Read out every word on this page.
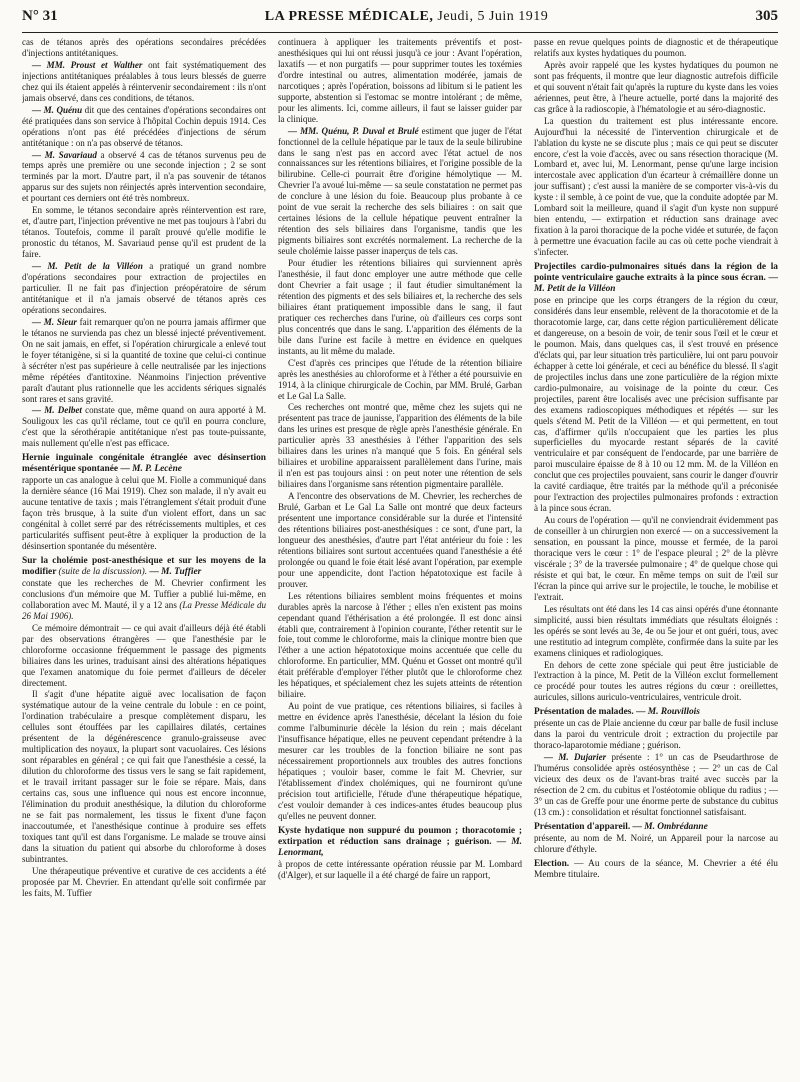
N° 31	LA PRESSE MÉDICALE, Jeudi, 5 Juin 1919	305

cas de tétanos après des opérations secondaires précédées d'injections antitétaniques.

— MM. Proust et Walther ont fait systématiquement des injections antitétaniques préalables à tous leurs blessés de guerre chez qui ils étaient appelés à réintervenir secondairement : ils n'ont jamais observé, dans ces conditions, de tétanos.

— M. Quénu dit que des centaines d'opérations secondaires ont été pratiquées dans son service à l'hôpital Cochin depuis 1914. Ces opérations n'ont pas été précédées d'injections de sérum antitétanique : on n'a pas observé de tétanos.

— M. Savariaud a observé 4 cas de tétanos survenus peu de temps après une première ou une seconde injection ; 2 se sont terminés par la mort. D'autre part, il n'a pas souvenir de tétanos apparus sur des sujets non réinjectés après intervention secondaire, et pourtant ces derniers ont été très nombreux.

En somme, le tétanos secondaire après réintervention est rare, et, d'autre part, l'injection préventive ne met pas toujours à l'abri du tétanos. Toutefois, comme il paraît prouvé qu'elle modifie le pronostic du tétanos, M. Savariaud pense qu'il est prudent de la faire.

— M. Petit de la Villéon a pratiqué un grand nombre d'opérations secondaires pour extraction de projectiles en particulier. Il ne fait pas d'injection préopératoire de sérum antitétanique et il n'a jamais observé de tétanos après ces opérations secondaires.

— M. Sieur fait remarquer qu'on ne pourra jamais affirmer que le tétanos ne survienda pas chez un blessé injecté préventivement. On ne sait jamais, en effet, si l'opération chirurgicale a enlevé tout le foyer tétanigène, si si la quantité de toxine que celui-ci continue à sécréter n'est pas supérieure à celle neutralisée par les injections même répétées d'antitoxine. Néanmoins l'injection préventive paraît d'autant plus rationnelle que les accidents sériques signalés sont rares et sans gravité.

— M. Delbet constate que, même quand on aura apporté à M. Souligoux les cas qu'il réclame, tout ce qu'il en pourra conclure, c'est que la sérothérapie antitétanique n'est pas toute-puissante, mais nullement qu'elle n'est pas efficace.

Hernie inguinale congénitale étranglée avec désinsertion mésentérique spontanée — M. P. Lecène

rapporte un cas analogue à celui que M. Fiolle a communiqué dans la dernière séance (16 Mai 1919). Chez son malade, il n'y avait eu aucune tentative de taxis ; mais l'étranglement s'était produit d'une façon très brusque, à la suite d'un violent effort, dans un sac congénital à collet serré par des rétrécissements multiples, et ces particularités suffisent peut-être à expliquer la production de la désinsertion spontanée du mésentère.

Sur la cholémie post-anesthésique et sur les moyens de la modifier (suite de la discussion). — M. Tuffier

constate que les recherches de M. Chevrier confirment les conclusions d'un mémoire que M. Tuffier a publié lui-même, en collaboration avec M. Mauté, il y a 12 ans (La Presse Médicale du 26 Mai 1906).

Ce mémoire démontrait — ce qui avait d'ailleurs déjà été établi par des observations étrangères — que l'anesthésie par le chloroforme occasionne fréquemment le passage des pigments biliaires dans les urines, traduisant ainsi des altérations hépatiques que l'examen anatomique du foie permet d'ailleurs de déceler directement.

Il s'agit d'une hépatite aiguë avec localisation de façon systématique autour de la veine centrale du lobule : en ce point, l'ordination trabéculaire a presque complètement disparu, les cellules sont étouffées par les capillaires dilatés, certaines présentent de la dégénérescence granulo-graisseuse avec multiplication des noyaux, la plupart sont vacuolaires. Ces lésions sont réparables en général ; ce qui fait que l'anesthésie a cessé, la dilution du chloroforme des tissus vers le sang se fait rapidement, et le travail irritant passager sur le foie se répare. Mais, dans certains cas, sous une influence qui nous est encore inconnue, l'élimination du produit anesthésique, la dilution du chloroforme ne se fait pas normalement, les tissus le fixent d'une façon inaccoutumée, et l'anesthésique continue à produire ses effets toxiques tant qu'il est dans l'organisme. Le malade se trouve ainsi dans la situation du patient qui absorbe du chloroforme à doses subintrantes.

Une thérapeutique préventive et curative de ces accidents a été proposée par M. Chevrier. En attendant qu'elle soit confirmée par les faits, M. Tuffier

continuera à appliquer les traitements préventifs et post-anesthésiques qui lui ont réussi jusqu'à ce jour : Avant l'opération, laxatifs — et non purgatifs — pour supprimer toutes les toxémies d'ordre intestinal ou autres, alimentation modérée, jamais de narcotiques ; après l'opération, boissons ad libitum si le patient les supporte, abstention si l'estomac se montre intolérant ; de même, pour les aliments. Ici, comme ailleurs, il faut se laisser guider par la clinique.

— MM. Quénu, P. Duval et Brulé estiment que juger de l'état fonctionnel de la cellule hépatique par le taux de la seule bilirubine dans le sang n'est pas en accord avec l'état actuel de nos connaissances sur les rétentions biliaires, et l'origine possible de la bilirubine. Celle-ci pourrait être d'origine hémolytique — M. Chevrier l'a avoué lui-même — sa seule constatation ne permet pas de conclure à une lésion du foie. Beaucoup plus probante à ce point de vue serait la recherche des sels biliaires : on sait que certaines lésions de la cellule hépatique peuvent entraîner la rétention des sels biliaires dans l'organisme, tandis que les pigments biliaires sont excrétés normalement. La recherche de la seule cholémie laisse passer inaperçus de tels cas.

Pour étudier les rétentions biliaires qui surviennent après l'anesthésie, il faut donc employer une autre méthode que celle dont Chevrier a fait usage ; il faut étudier simultanément la rétention des pigments et des sels biliaires et, la recherche des sels biliaires étant pratiquement impossible dans le sang, il faut pratiquer ces recherches dans l'urine, où d'ailleurs ces corps sont plus concentrés que dans le sang. L'apparition des éléments de la bile dans l'urine est facile à mettre en évidence en quelques instants, au lit même du malade.

C'est d'après ces principes que l'étude de la rétention biliaire après les anesthésies au chloroforme et à l'éther a été poursuivie en 1914, à la clinique chirurgicale de Cochin, par MM. Brulé, Garban et Le Gal La Salle.

Ces recherches ont montré que, même chez les sujets qui ne présentent pas trace de jaunisse, l'apparition des éléments de la bile dans les urines est presque de règle après l'anesthésie générale. En particulier après 33 anesthésies à l'éther l'apparition des sels biliaires dans les urines n'a manqué que 5 fois. En général sels biliaires et urobiline apparaissent parallèlement dans l'urine, mais il n'en est pas toujours ainsi : on peut noter une rétention de sels biliaires dans l'organisme sans rétention pigmentaire parallèle.

A l'encontre des observations de M. Chevrier, les recherches de Brulé, Garban et Le Gal La Salle ont montré que deux facteurs présentent une importance considérable sur la durée et l'intensité des rétentions biliaires post-anesthésiques : ce sont, d'une part, la longueur des anesthésies, d'autre part l'état antérieur du foie : les rétentions biliaires sont surtout accentuées quand l'anesthésie a été prolongée ou quand le foie était lésé avant l'opération, par exemple pour une appendicite, dont l'action hépatotoxique est facile à prouver.

Les rétentions biliaires semblent moins fréquentes et moins durables après la narcose à l'éther ; elles n'en existent pas moins cependant quand l'éthérisation a été prolongée. Il est donc ainsi établi que, contrairement à l'opinion courante, l'éther retentit sur le foie, tout comme le chloroforme, mais la clinique montre bien que l'éther a une action hépatotoxique moins accentuée que celle du chloroforme. En particulier, MM. Quénu et Gosset ont montré qu'il était préférable d'employer l'éther plutôt que le chloroforme chez les hépatiques, et spécialement chez les sujets atteints de rétention biliaire.

Au point de vue pratique, ces rétentions biliaires, si faciles à mettre en évidence après l'anesthésie, décelant la lésion du foie comme l'albuminurie décèle la lésion du rein ; mais décelant l'insuffisance hépatique, elles ne peuvent cependant prétendre à la mesurer car les troubles de la fonction biliaire ne sont pas nécessairement proportionnels aux troubles des autres fonctions hépatiques ; vouloir baser, comme le fait M. Chevrier, sur l'établissement d'index cholémiques, qui ne fourniront qu'une précision tout artificielle, l'étude d'une thérapeutique hépatique, c'est vouloir demander à ces indices-antes études beaucoup plus qu'elles ne peuvent donner.

Kyste hydatique non suppuré du poumon ; thoracotomie ; extirpation et réduction sans drainage ; guérison. — M. Lenormant,

à propos de cette intéressante opération réussie par M. Lombard (d'Alger), et sur laquelle il a été chargé de faire un rapport,

passe en revue quelques points de diagnostic et de thérapeutique relatifs aux kystes hydatiques du poumon.

Après avoir rappelé que les kystes hydatiques du poumon ne sont pas fréquents, il montre que leur diagnostic autrefois difficile et qui souvent n'était fait qu'après la rupture du kyste dans les voies aériennes, peut être, à l'heure actuelle, porté dans la majorité des cas grâce à la radioscopie, à l'hématologie et au séro-diagnostic.

La question du traitement est plus intéressante encore. Aujourd'hui la nécessité de l'intervention chirurgicale et de l'ablation du kyste ne se discute plus ; mais ce qui peut se discuter encore, c'est la voie d'accès, avec ou sans résection thoracique (M. Lombard et, avec lui, M. Lenormant, pense qu'une large incision intercostale avec application d'un écarteur à crémaillère donne un jour suffisant) ; c'est aussi la manière de se comporter vis-à-vis du kyste : il semble, à ce point de vue, que la conduite adoptée par M. Lombard soit la meilleure, quand il s'agit d'un kyste non suppuré bien entendu, — extirpation et réduction sans drainage avec fixation à la paroi thoracique de la poche vidée et suturée, de façon à permettre une évacuation facile au cas où cette poche viendrait à s'infecter.

Projectiles cardio-pulmonaires situés dans la région de la pointe ventriculaire gauche extraits à la pince sous écran. — M. Petit de la Villéon

pose en principe que les corps étrangers de la région du cœur, considérés dans leur ensemble, relèvent de la thoracotomie et de la thoracotomie large, car, dans cette région particulièrement délicate et dangereuse, on a besoin de voir, de tenir sous l'œil et le cœur et le poumon. Mais, dans quelques cas, il s'est trouvé en présence d'éclats qui, par leur situation très particulière, lui ont paru pouvoir échapper à cette loi générale, et ceci au bénéfice du blessé. Il s'agit de projectiles inclus dans une zone particulière de la région mixte cardio-pulmonaire, au voisinage de la pointe du cœur. Ces projectiles, parent être localisés avec une précision suffisante par des examens radioscopiques méthodiques et répétés — sur les quels s'étend M. Petit de la Villéon — et qui permettent, en tout cas, d'affirmer qu'ils n'occupaient que les parties les plus superficielles du myocarde restant séparés de la cavité ventriculaire et par conséquent de l'endocarde, par une barrière de paroi musculaire épaisse de 8 à 10 ou 12 mm. M. de la Villéon en conclut que ces projectiles pouvaient, sans courir le danger d'ouvrir la cavité cardiaque, être traités par la méthode qu'il a préconisée pour l'extraction des projectiles pulmonaires profonds : extraction à la pince sous écran.

Au cours de l'opération — qu'il ne conviendrait évidemment pas de conseiller à un chirurgien non exercé — on a successivement la sensation, en poussant la pince, mousse et fermée, de la paroi thoracique vers le cœur : 1° de l'espace pleural ; 2° de la plèvre viscérale ; 3° de la traversée pulmonaire ; 4° de quelque chose qui résiste et qui bat, le cœur. En même temps on suit de l'œil sur l'écran la pince qui arrive sur le projectile, le touche, le mobilise et l'extrait.

Les résultats ont été dans les 14 cas ainsi opérés d'une étonnante simplicité, aussi bien résultats immédiats que résultats éloignés : les opérés se sont levés au 3e, 4e ou 5e jour et ont guéri, tous, avec une restitutio ad integrum complète, confirmée dans la suite par les examens cliniques et radiologiques.

En dehors de cette zone spéciale qui peut être justiciable de l'extraction à la pince, M. Petit de la Villéon exclut formellement ce procédé pour toutes les autres régions du cœur : oreillettes, auricules, sillons auriculo-ventriculaires, ventricule droit.

Présentation de malades. — M. Rouvillois

présente un cas de Plaie ancienne du cœur par balle de fusil incluse dans la paroi du ventricule droit ; extraction du projectile par thoraco-laparotomie médiane ; guérison.

— M. Dujarier présente : 1° un cas de Pseudarthrose de l'humérus consolidée après ostéosynthèse ; — 2° un cas de Cal vicieux des deux os de l'avant-bras traité avec succès par la résection de 2 cm. du cubitus et l'ostéotomie oblique du radius ; — 3° un cas de Greffe pour une énorme perte de substance du cubitus (13 cm.) : consolidation et résultat fonctionnel satisfaisant.

Présentation d'appareil. — M. Ombrédanne

présente, au nom de M. Noiré, un Appareil pour la narcose au chlorure d'éthyle.

Election. — Au cours de la séance, M. Chevrier a été élu Membre titulaire.
